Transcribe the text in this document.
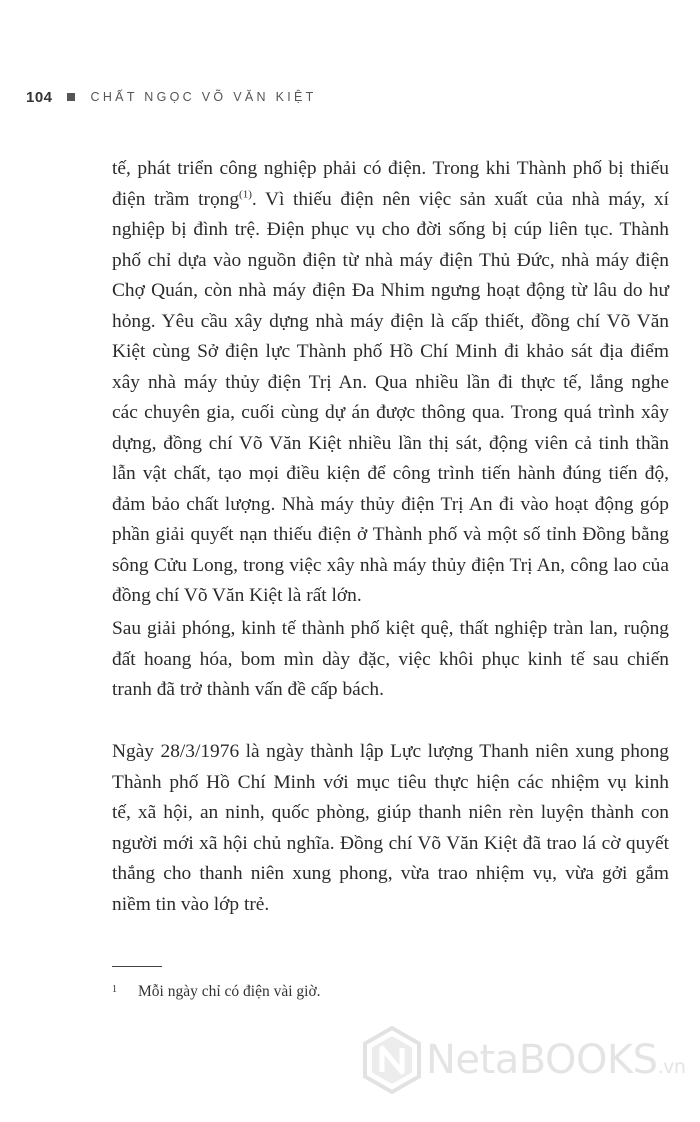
104	CHẤT NGỌC VÕ VĂN KIỆT
tế, phát triển công nghiệp phải có điện. Trong khi Thành phố bị thiếu
điện trầm trọng$^{(1)}$. Vì thiếu điện nên việc sản xuất của nhà máy, xí
nghiệp bị đình trệ. Điện phục vụ cho đời sống bị cúp liên tục. Thành
phố chỉ dựa vào nguồn điện từ nhà máy điện Thủ Đức, nhà máy điện
Chợ Quán, còn nhà máy điện Đa Nhim ngưng hoạt động từ lâu do hư
hỏng. Yêu cầu xây dựng nhà máy điện là cấp thiết, đồng chí Võ Văn
Kiệt cùng Sở điện lực Thành phố Hồ Chí Minh đi khảo sát địa điểm
xây nhà máy thủy điện Trị An. Qua nhiều lần đi thực tế, lắng nghe
các chuyên gia, cuối cùng dự án được thông qua. Trong quá trình xây
dựng, đồng chí Võ Văn Kiệt nhiều lần thị sát, động viên cả tinh thần
lẫn vật chất, tạo mọi điều kiện để công trình tiến hành đúng tiến độ,
đảm bảo chất lượng. Nhà máy thủy điện Trị An đi vào hoạt động góp
phần giải quyết nạn thiếu điện ở Thành phố và một số tỉnh Đồng bằng
sông Cửu Long, trong việc xây nhà máy thủy điện Trị An, công lao của
đồng chí Võ Văn Kiệt là rất lớn.
Sau giải phóng, kinh tế thành phố kiệt quệ, thất nghiệp tràn lan, ruộng
đất hoang hóa, bom mìn dày đặc, việc khôi phục kinh tế sau chiến
tranh đã trở thành vấn đề cấp bách.
Ngày 28/3/1976 là ngày thành lập Lực lượng Thanh niên xung phong
Thành phố Hồ Chí Minh với mục tiêu thực hiện các nhiệm vụ kinh
tế, xã hội, an ninh, quốc phòng, giúp thanh niên rèn luyện thành con
người mới xã hội chủ nghĩa. Đồng chí Võ Văn Kiệt đã trao lá cờ quyết
thắng cho thanh niên xung phong, vừa trao nhiệm vụ, vừa gởi gắm
niềm tin vào lớp trẻ.
1	Mỗi ngày chỉ có điện vài giờ.
NetaBOOKS.vn
